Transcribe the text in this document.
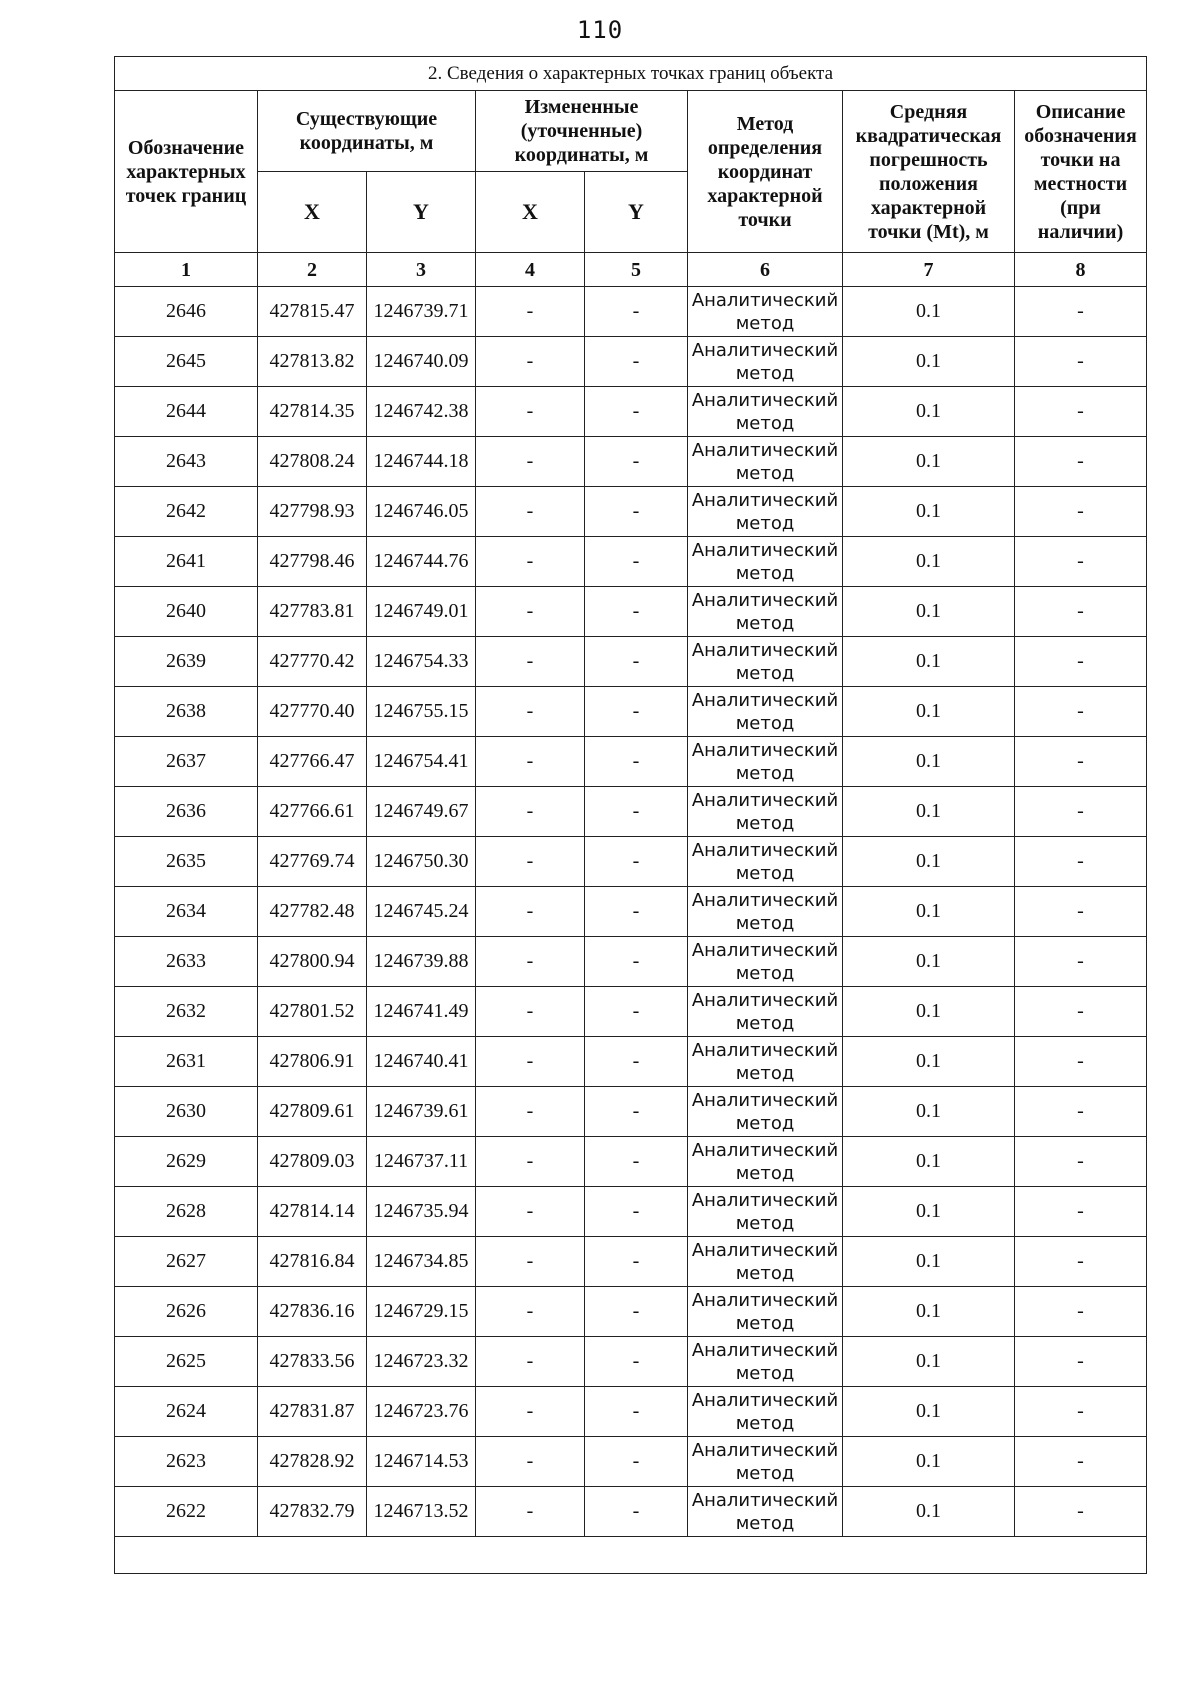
110
2. Сведения о характерных точках границ объекта							
Обозначение характерных точек границ	Существующие координаты, м		Измененные (уточненные) координаты, м		Метод определения координат характерной точки	Средняя квадратическая погрешность положения характерной точки (Mt), м	Описание обозначения точки на местности (при наличии)
	X	Y	X	Y			
1	2	3	4	5	6	7	8
2646	427815.47	1246739.71	-	-	Аналитический метод	0.1	-
2645	427813.82	1246740.09	-	-	Аналитический метод	0.1	-
2644	427814.35	1246742.38	-	-	Аналитический метод	0.1	-
2643	427808.24	1246744.18	-	-	Аналитический метод	0.1	-
2642	427798.93	1246746.05	-	-	Аналитический метод	0.1	-
2641	427798.46	1246744.76	-	-	Аналитический метод	0.1	-
2640	427783.81	1246749.01	-	-	Аналитический метод	0.1	-
2639	427770.42	1246754.33	-	-	Аналитический метод	0.1	-
2638	427770.40	1246755.15	-	-	Аналитический метод	0.1	-
2637	427766.47	1246754.41	-	-	Аналитический метод	0.1	-
2636	427766.61	1246749.67	-	-	Аналитический метод	0.1	-
2635	427769.74	1246750.30	-	-	Аналитический метод	0.1	-
2634	427782.48	1246745.24	-	-	Аналитический метод	0.1	-
2633	427800.94	1246739.88	-	-	Аналитический метод	0.1	-
2632	427801.52	1246741.49	-	-	Аналитический метод	0.1	-
2631	427806.91	1246740.41	-	-	Аналитический метод	0.1	-
2630	427809.61	1246739.61	-	-	Аналитический метод	0.1	-
2629	427809.03	1246737.11	-	-	Аналитический метод	0.1	-
2628	427814.14	1246735.94	-	-	Аналитический метод	0.1	-
2627	427816.84	1246734.85	-	-	Аналитический метод	0.1	-
2626	427836.16	1246729.15	-	-	Аналитический метод	0.1	-
2625	427833.56	1246723.32	-	-	Аналитический метод	0.1	-
2624	427831.87	1246723.76	-	-	Аналитический метод	0.1	-
2623	427828.92	1246714.53	-	-	Аналитический метод	0.1	-
2622	427832.79	1246713.52	-	-	Аналитический метод	0.1	-
